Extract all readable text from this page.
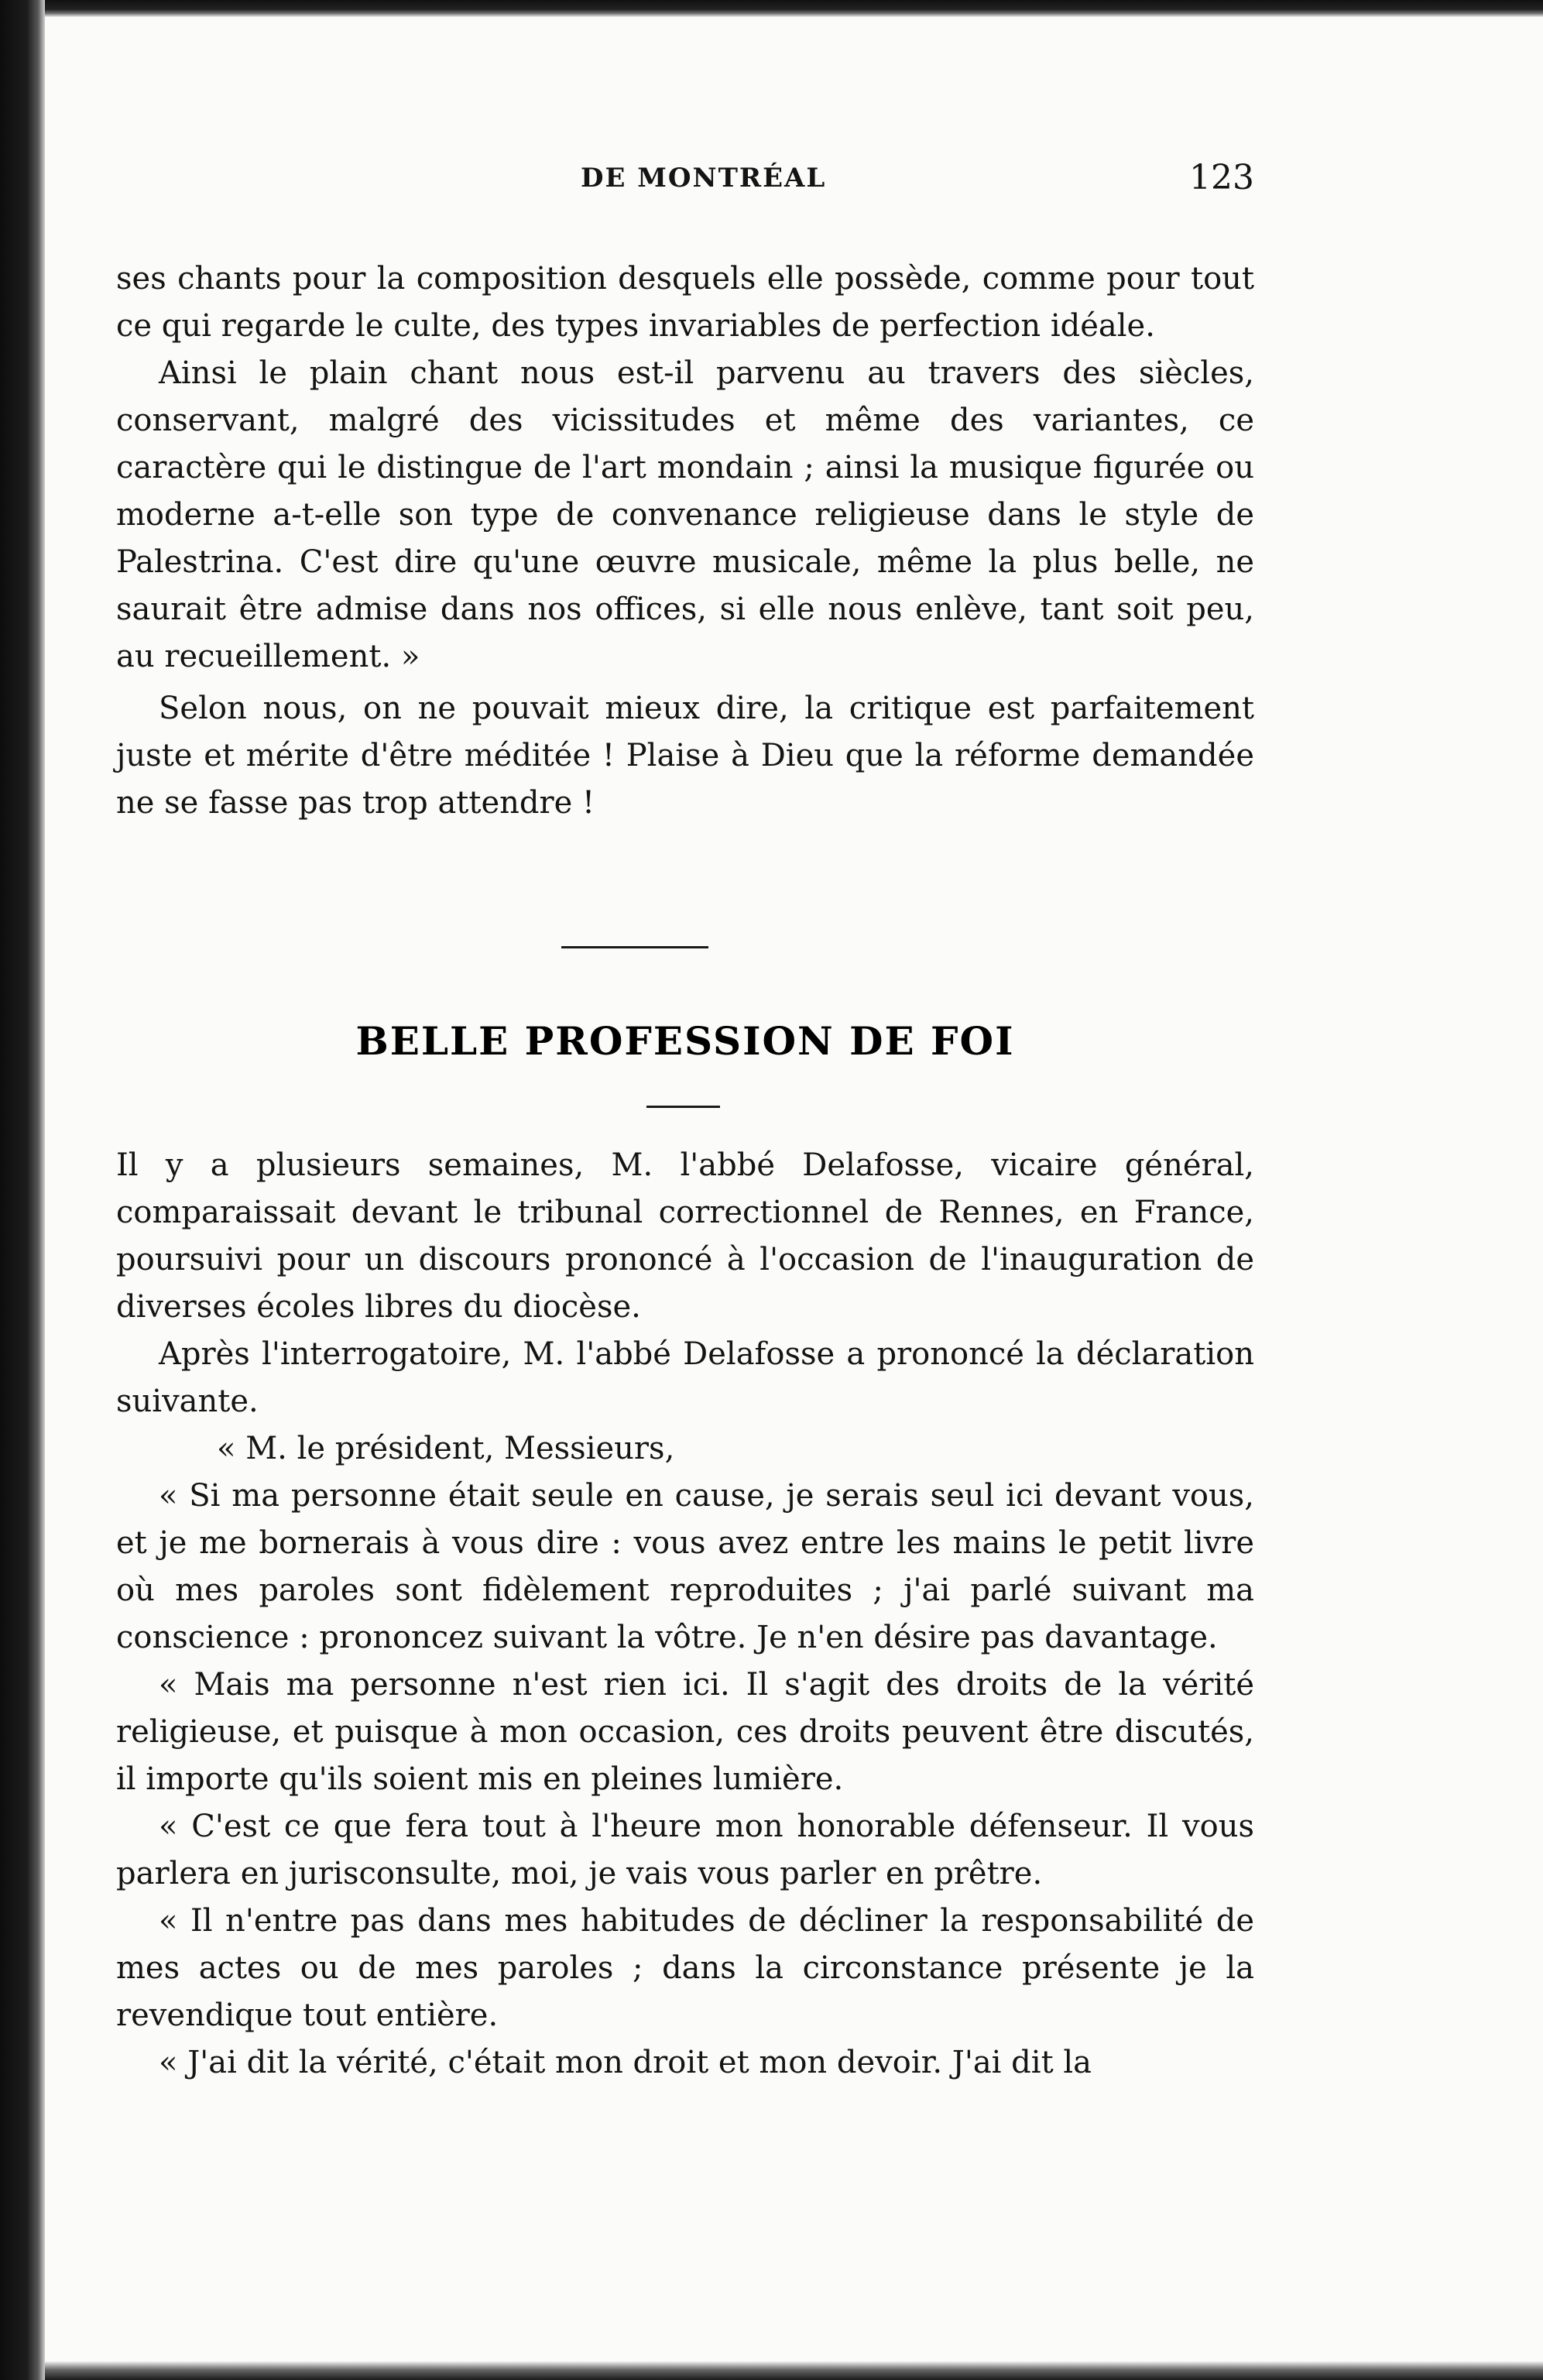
DE MONTRÉAL	123

ses chants pour la composition desquels elle possède, comme pour tout ce qui regarde le culte, des types invariables de perfection idéale.

Ainsi le plain chant nous est-il parvenu au travers des siècles, conservant, malgré des vicissitudes et même des variantes, ce caractère qui le distingue de l'art mondain ; ainsi la musique figurée ou moderne a-t-elle son type de convenance religieuse dans le style de Palestrina. C'est dire qu'une œuvre musicale, même la plus belle, ne saurait être admise dans nos offices, si elle nous enlève, tant soit peu, au recueillement. »

Selon nous, on ne pouvait mieux dire, la critique est parfaitement juste et mérite d'être méditée ! Plaise à Dieu que la réforme demandée ne se fasse pas trop attendre !

BELLE PROFESSION DE FOI

Il y a plusieurs semaines, M. l'abbé Delafosse, vicaire général, comparaissait devant le tribunal correctionnel de Rennes, en France, poursuivi pour un discours prononcé à l'occasion de l'inauguration de diverses écoles libres du diocèse.

Après l'interrogatoire, M. l'abbé Delafosse a prononcé la déclaration suivante.

« M. le président, Messieurs,

« Si ma personne était seule en cause, je serais seul ici devant vous, et je me bornerais à vous dire : vous avez entre les mains le petit livre où mes paroles sont fidèlement reproduites ; j'ai parlé suivant ma conscience : prononcez suivant la vôtre. Je n'en désire pas davantage.

« Mais ma personne n'est rien ici. Il s'agit des droits de la vérité religieuse, et puisque à mon occasion, ces droits peuvent être discutés, il importe qu'ils soient mis en pleines lumière.

« C'est ce que fera tout à l'heure mon honorable défenseur. Il vous parlera en jurisconsulte, moi, je vais vous parler en prêtre.

« Il n'entre pas dans mes habitudes de décliner la responsabilité de mes actes ou de mes paroles ; dans la circonstance présente je la revendique tout entière.

« J'ai dit la vérité, c'était mon droit et mon devoir. J'ai dit la
